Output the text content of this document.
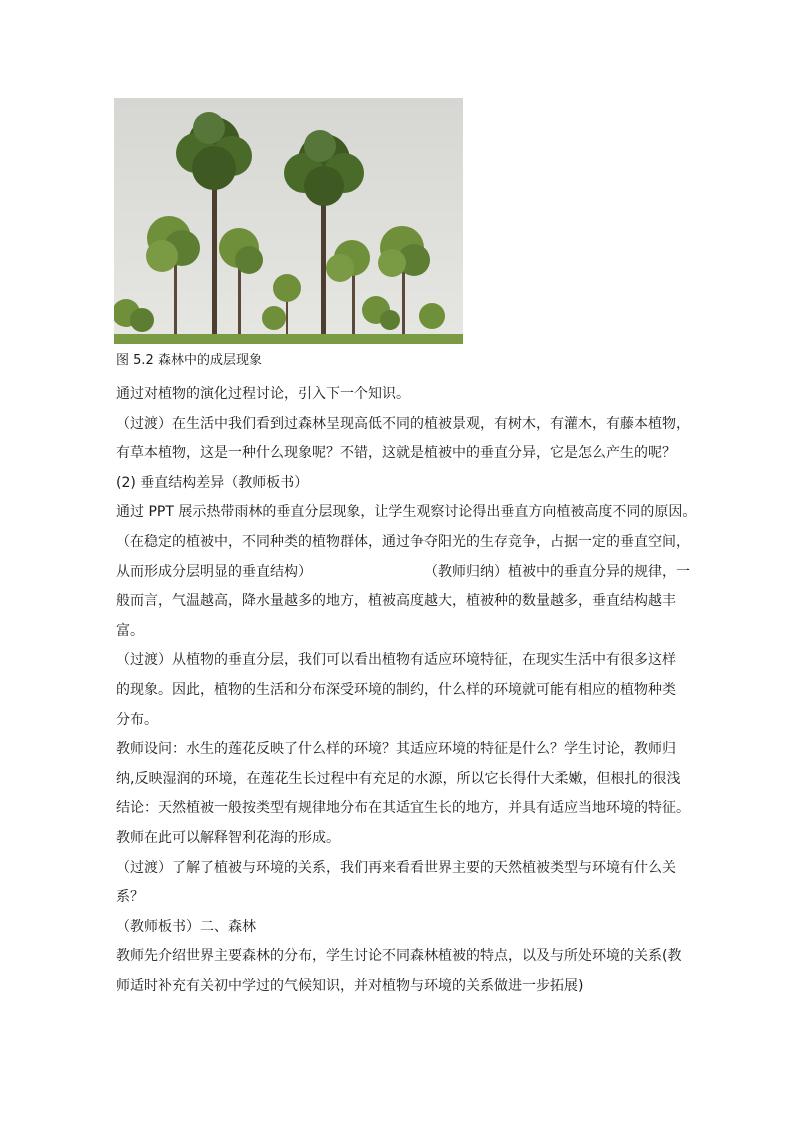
图 5.2 森林中的成层现象
通过对植物的演化过程讨论，引入下一个知识。
（过渡）在生活中我们看到过森林呈现高低不同的植被景观，有树木，有灌木，有藤本植物，
有草本植物，这是一种什么现象呢？不错，这就是植被中的垂直分异，它是怎么产生的呢？
(2) 垂直结构差异（教师板书）
通过 PPT 展示热带雨林的垂直分层现象，让学生观察讨论得出垂直方向植被高度不同的原因。
（在稳定的植被中，不同种类的植物群体，通过争夺阳光的生存竞争，占据一定的垂直空间，
从而形成分层明显的垂直结构）	（教师归纳）植被中的垂直分异的规律，一
般而言，气温越高，降水量越多的地方，植被高度越大，植被种的数量越多，垂直结构越丰
富。
（过渡）从植物的垂直分层，我们可以看出植物有适应环境特征，在现实生活中有很多这样
的现象。因此，植物的生活和分布深受环境的制约，什么样的环境就可能有相应的植物种类
分布。
教师设问：水生的莲花反映了什么样的环境？其适应环境的特征是什么？学生讨论，教师归
纳,反映湿润的环境，在莲花生长过程中有充足的水源，所以它长得什大柔嫩，但根扎的很浅
结论：天然植被一般按类型有规律地分布在其适宜生长的地方，并具有适应当地环境的特征。
教师在此可以解释智利花海的形成。
（过渡）了解了植被与环境的关系，我们再来看看世界主要的天然植被类型与环境有什么关
系？
（教师板书）二、森林
教师先介绍世界主要森林的分布，学生讨论不同森林植被的特点，以及与所处环境的关系(教
师适时补充有关初中学过的气候知识，并对植物与环境的关系做进一步拓展)
